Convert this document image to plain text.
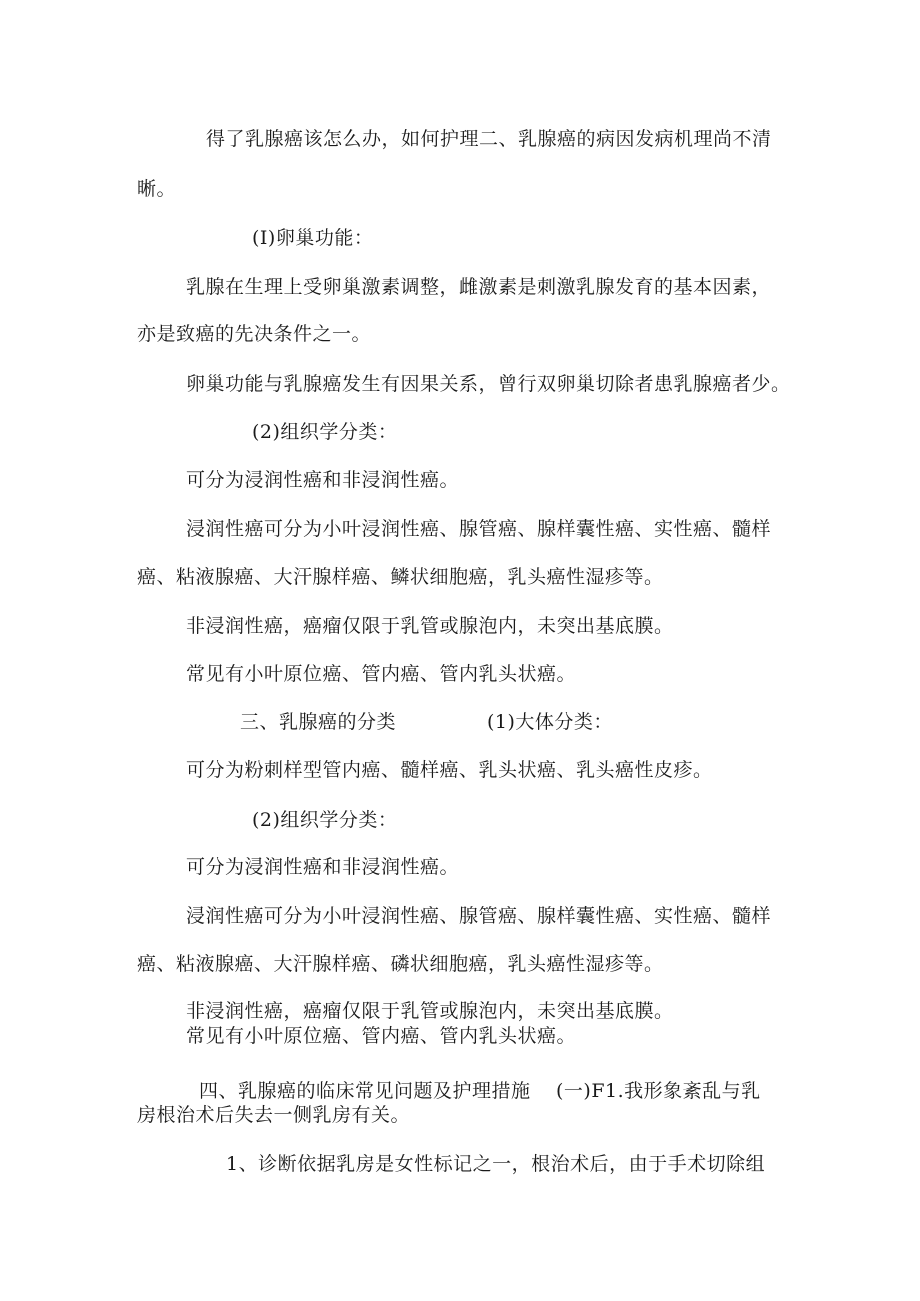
得了乳腺癌该怎么办，如何护理二、乳腺癌的病因发病机理尚不清
晰。
(I)卵巢功能：
乳腺在生理上受卵巢激素调整，雌激素是刺激乳腺发育的基本因素，
亦是致癌的先决条件之一。
卵巢功能与乳腺癌发生有因果关系，曾行双卵巢切除者患乳腺癌者少。
(2)组织学分类：
可分为浸润性癌和非浸润性癌。
浸润性癌可分为小叶浸润性癌、腺管癌、腺样囊性癌、实性癌、髓样
癌、粘液腺癌、大汗腺样癌、鳞状细胞癌，乳头癌性湿疹等。
非浸润性癌，癌瘤仅限于乳管或腺泡内，未突出基底膜。
常见有小叶原位癌、管内癌、管内乳头状癌。
三、乳腺癌的分类	(1)大体分类：
可分为粉刺样型管内癌、髓样癌、乳头状癌、乳头癌性皮疹。
(2)组织学分类：
可分为浸润性癌和非浸润性癌。
浸润性癌可分为小叶浸润性癌、腺管癌、腺样囊性癌、实性癌、髓样
癌、粘液腺癌、大汗腺样癌、磷状细胞癌，乳头癌性湿疹等。
非浸润性癌，癌瘤仅限于乳管或腺泡内，未突出基底膜。
常见有小叶原位癌、管内癌、管内乳头状癌。
四、乳腺癌的临床常见问题及护理措施 (一)F1.我形象紊乱与乳
房根治术后失去一侧乳房有关。
1、诊断依据乳房是女性标记之一，根治术后，由于手术切除组
